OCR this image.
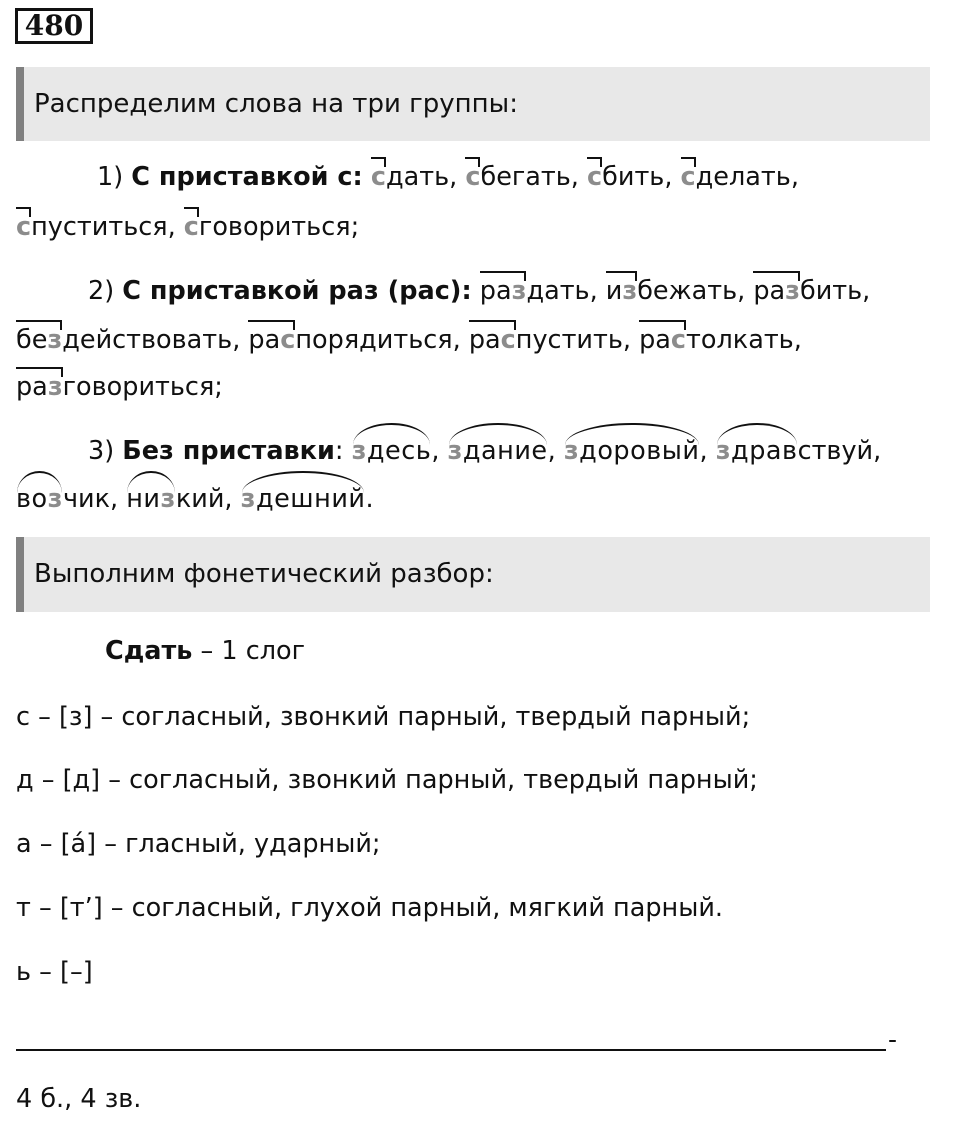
480
Распределим слова на три группы:
1) С приставкой с: сдать, сбегать, сбить, сделать,
спуститься, сговориться;
2) С приставкой раз (рас): раздать, избежать, разбить,
бездействовать, распорядиться, распустить, растолкать,
разговориться;
3) Без приставки: здесь, здание, здоровый, здравствуй,
возчик, низкий, здешний.
Выполним фонетический разбор:
Сдать – 1 слог
с – [з] – согласный, звонкий парный, твердый парный;
д – [д] – согласный, звонкий парный, твердый парный;
а – [á] – гласный, ударный;
т – [т’] – согласный, глухой парный, мягкий парный.
ь – [–]
-
4 б., 4 зв.
